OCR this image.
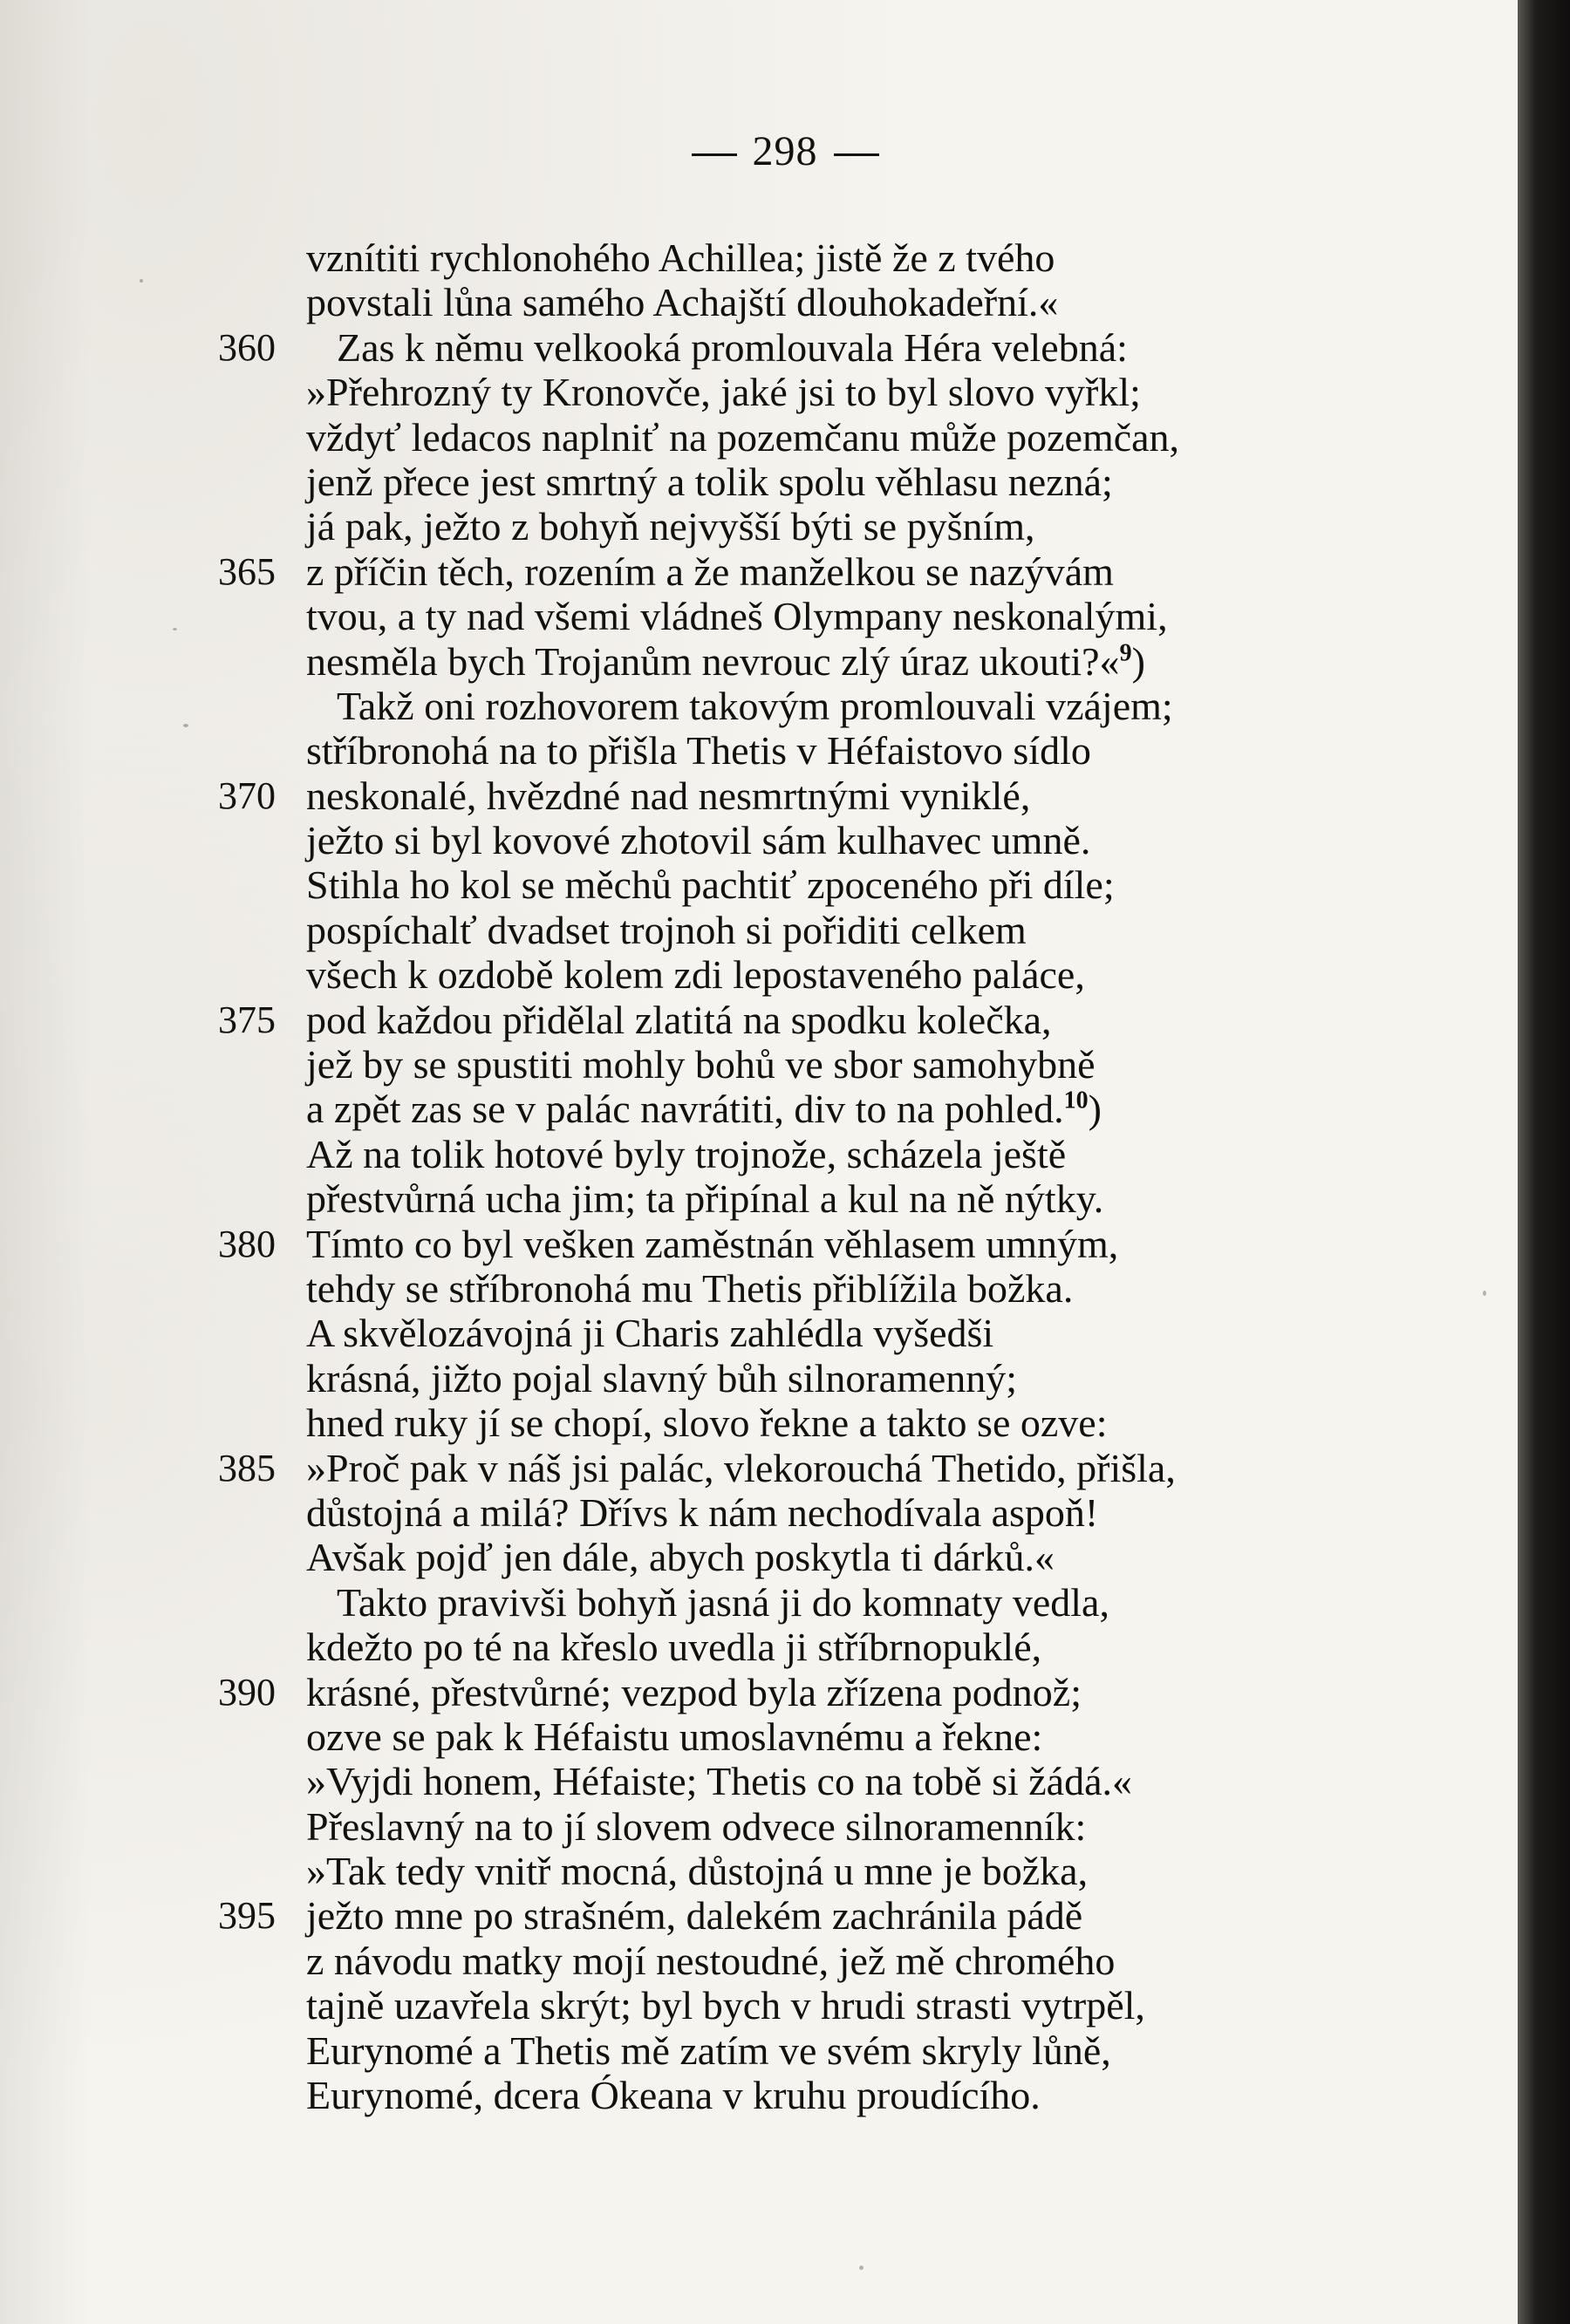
298
vznítiti rychlonohého Achillea; jistě že z tvého
povstali lůna samého Achajští dlouhokadeřní.«
360 Zas k němu velkooká promlouvala Héra velebná:
»Přehrozný ty Kronovče, jaké jsi to byl slovo vyřkl;
vždyť ledacos naplniť na pozemčanu může pozemčan,
jenž přece jest smrtný a tolik spolu věhlasu nezná;
já pak, ježto z bohyň nejvyšší býti se pyšním,
365 z příčin těch, rozením a že manželkou se nazývám
tvou, a ty nad všemi vládneš Olympany neskonalými,
nesměla bych Trojanům nevrouc zlý úraz ukouti?«$^9$)
Takž oni rozhovorem takovým promlouvali vzájem;
stříbronohá na to přišla Thetis v Héfaistovo sídlo
370 neskonalé, hvězdné nad nesmrtnými vyniklé,
ježto si byl kovové zhotovil sám kulhavec umně.
Stihla ho kol se měchů pachtiť zpoceného při díle;
pospíchalť dvadset trojnoh si pořiditi celkem
všech k ozdobě kolem zdi lepostaveného paláce,
375 pod každou přidělal zlatitá na spodku kolečka,
jež by se spustiti mohly bohů ve sbor samohybně
a zpět zas se v palác navrátiti, div to na pohled.$^{10}$)
Až na tolik hotové byly trojnože, scházela ještě
přestvůrná ucha jim; ta připínal a kul na ně nýtky.
380 Tímto co byl vešken zaměstnán věhlasem umným,
tehdy se stříbronohá mu Thetis přiblížila božka.
A skvělozávojná ji Charis zahlédla vyšedši
krásná, jižto pojal slavný bůh silnoramenný;
hned ruky jí se chopí, slovo řekne a takto se ozve:
385 »Proč pak v náš jsi palác, vlekorouchá Thetido, přišla,
důstojná a milá? Dřívs k nám nechodívala aspoň!
Avšak pojď jen dále, abych poskytla ti dárků.«
Takto pravivši bohyň jasná ji do komnaty vedla,
kdežto po té na křeslo uvedla ji stříbrnopuklé,
390 krásné, přestvůrné; vezpod byla zřízena podnož;
ozve se pak k Héfaistu umoslavnému a řekne:
»Vyjdi honem, Héfaiste; Thetis co na tobě si žádá.«
Přeslavný na to jí slovem odvece silnoramenník:
»Tak tedy vnitř mocná, důstojná u mne je božka,
395 ježto mne po strašném, dalekém zachránila pádě
z návodu matky mojí nestoudné, jež mě chromého
tajně uzavřela skrýt; byl bych v hrudi strasti vytrpěl,
Eurynomé a Thetis mě zatím ve svém skryly lůně,
Eurynomé, dcera Ókeana v kruhu proudícího.
